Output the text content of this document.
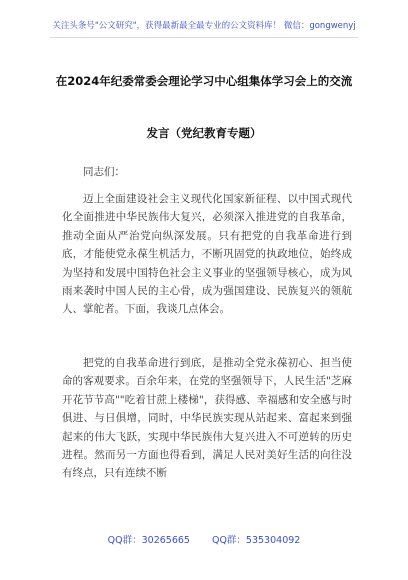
关注头条号"公文研究"，获得最新最全最专业的公文资料库！ 微信：gongwenyj
在2024年纪委常委会理论学习中心组集体学习会上的交流
发言（党纪教育专题）
同志们：

迈上全面建设社会主义现代化国家新征程、以中国式现代化全面推进中华民族伟大复兴，必须深入推进党的自我革命，推动全面从严治党向纵深发展。只有把党的自我革命进行到底，才能使党永葆生机活力，不断巩固党的执政地位，始终成为坚持和发展中国特色社会主义事业的坚强领导核心，成为风雨来袭时中国人民的主心骨，成为强国建设、民族复兴的领航人、掌舵者。下面，我谈几点体会。

把党的自我革命进行到底，是推动全党永葆初心、担当使命的客观要求。百余年来，在党的坚强领导下，人民生活"芝麻开花节节高""吃着甘蔗上楼梯"，获得感、幸福感和安全感与时俱进、与日俱增，同时，中华民族实现从站起来、富起来到强起来的伟大飞跃，实现中华民族伟大复兴进入不可逆转的历史进程。然而另一方面也得看到，满足人民对美好生活的向往没有终点，只有连续不断

QQ群：30265665 QQ群：535304092
